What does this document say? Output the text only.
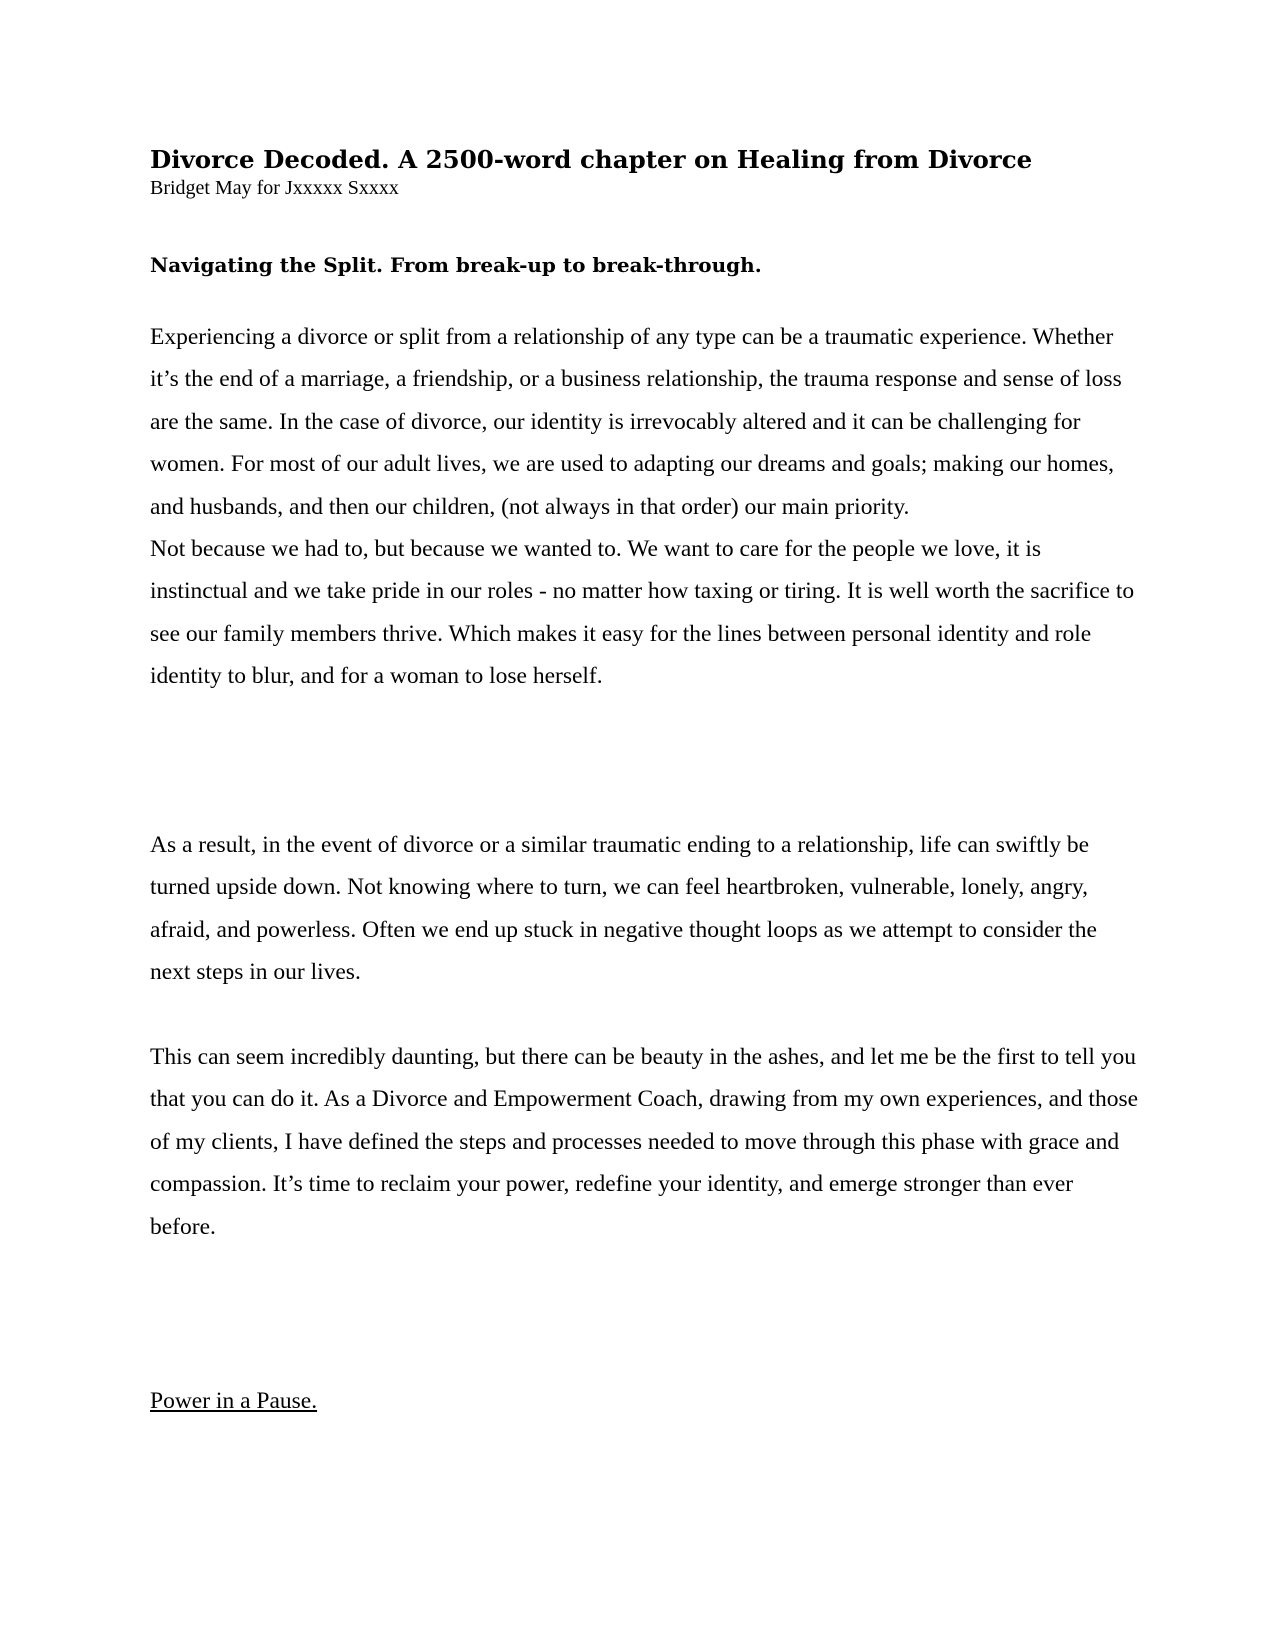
Divorce Decoded. A 2500-word chapter on Healing from Divorce

Bridget May for Jxxxxx Sxxxx

Navigating the Split. From break-up to break-through.
Experiencing a divorce or split from a relationship of any type can be a traumatic experience. Whether it’s the end of a marriage, a friendship, or a business relationship, the trauma response and sense of loss are the same. In the case of divorce, our identity is irrevocably altered and it can be challenging for women. For most of our adult lives, we are used to adapting our dreams and goals; making our homes, and husbands, and then our children, (not always in that order) our main priority.
Not because we had to, but because we wanted to. We want to care for the people we love, it is instinctual and we take pride in our roles - no matter how taxing or tiring. It is well worth the sacrifice to see our family members thrive. Which makes it easy for the lines between personal identity and role identity to blur, and for a woman to lose herself.

As a result, in the event of divorce or a similar traumatic ending to a relationship, life can swiftly be turned upside down. Not knowing where to turn, we can feel heartbroken, vulnerable, lonely, angry, afraid, and powerless. Often we end up stuck in negative thought loops as we attempt to consider the next steps in our lives.

This can seem incredibly daunting, but there can be beauty in the ashes, and let me be the first to tell you that you can do it. As a Divorce and Empowerment Coach, drawing from my own experiences, and those of my clients, I have defined the steps and processes needed to move through this phase with grace and compassion. It’s time to reclaim your power, redefine your identity, and emerge stronger than ever before.

Power in a Pause.
